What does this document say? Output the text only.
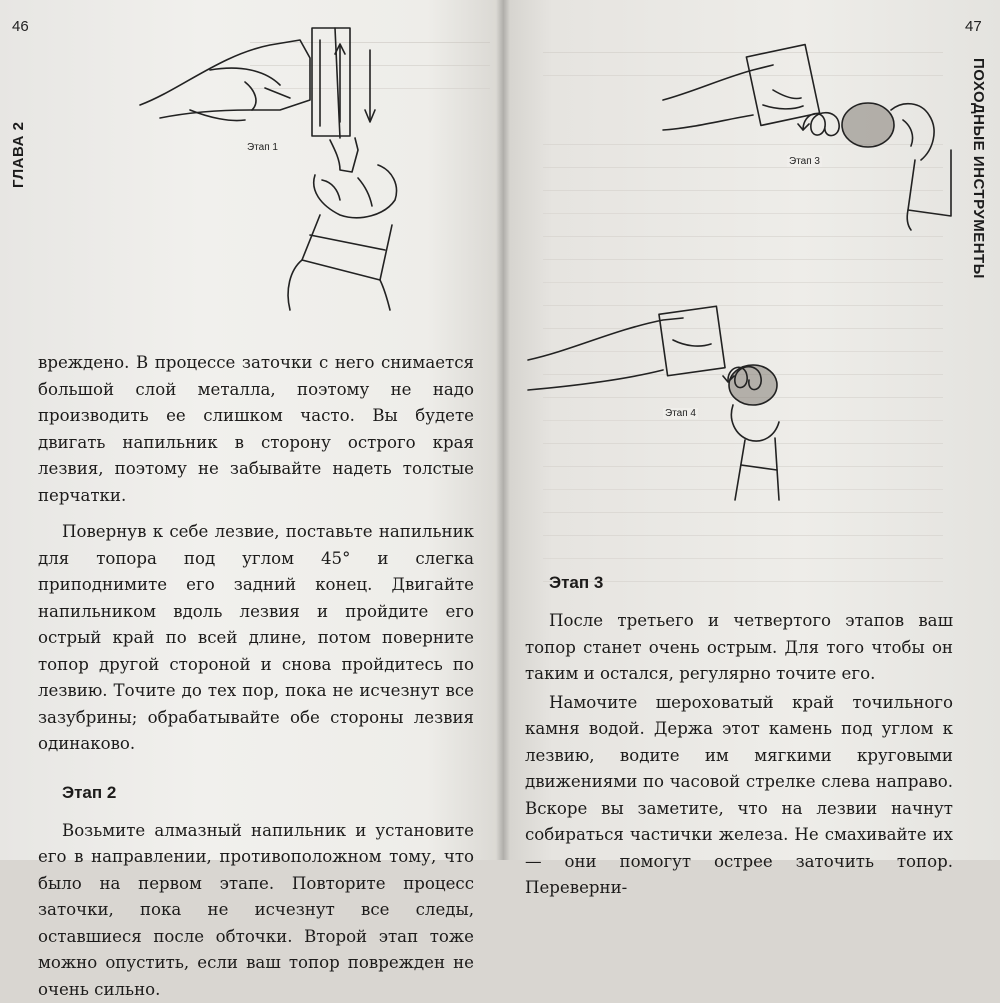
46
ГЛАВА 2	Этап 1

вреждено. В процессе заточки с него снимается большой слой металла, поэтому не надо производить ее слишком часто. Вы будете двигать напильник в сторону острого края лезвия, поэтому не забывайте надеть толстые перчатки.

Повернув к себе лезвие, поставьте напильник для топора под углом 45° и слегка приподнимите его задний конец. Двигайте напильником вдоль лезвия и пройдите его острый край по всей длине, потом поверните топор другой стороной и снова пройдитесь по лезвию. Точите до тех пор, пока не исчезнут все зазубрины; обрабатывайте обе стороны лезвия одинаково.

Этап 2

Возьмите алмазный напильник и установите его в направлении, противоположном тому, что было на первом этапе. Повторите процесс заточки, пока не исчезнут все следы, оставшиеся после обточки. Второй этап тоже можно опустить, если ваш топор поврежден не очень сильно.

47
ПОХОДНЫЕ ИНСТРУМЕНТЫ
Этап 3
Этап 4
Этап 3

После третьего и четвертого этапов ваш топор станет очень острым. Для того чтобы он таким и остался, регулярно точите его.

Намочите шероховатый край точильного камня водой. Держа этот камень под углом к лезвию, водите им мягкими круговыми движениями по часовой стрелке слева направо. Вскоре вы заметите, что на лезвии начнут собираться частички железа. Не смахивайте их — они помогут острее заточить топор. Переверни-
